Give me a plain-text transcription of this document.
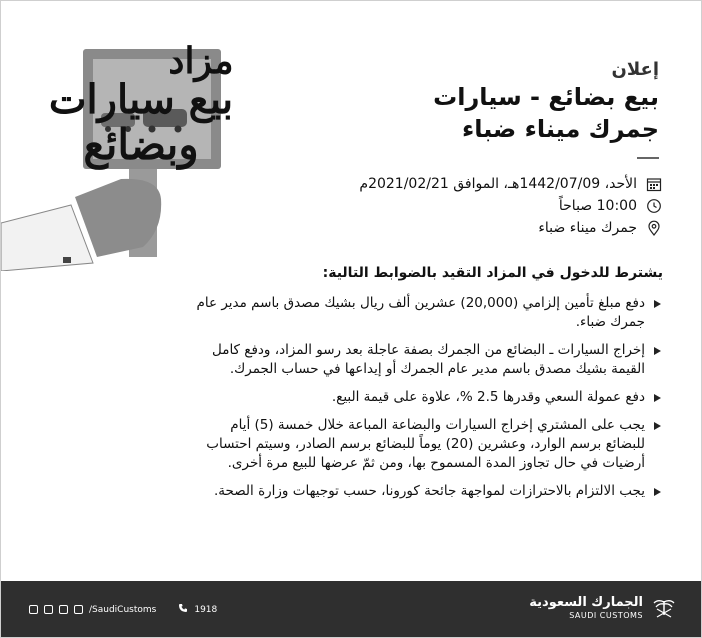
مزاد
بيع سيارات
وبضائع
إعلان
بيع بضائع - سيارات
جمرك ميناء ضباء
الأحد، 1442/07/09هـ، الموافق 2021/02/21م
10:00 صباحاً
جمرك ميناء ضباء
يشترط للدخول في المزاد التقيد بالضوابط التالية:
دفع مبلغ تأمين إلزامي (20,000) عشرين ألف ريال بشيك مصدق باسم مدير عام جمرك ضباء.
إخراج السيارات ـ البضائع من الجمرك بصفة عاجلة بعد رسو المزاد، ودفع كامل القيمة بشيك مصدق باسم مدير عام الجمرك أو إيداعها في حساب الجمرك.
دفع عمولة السعي وقدرها 2.5 %، علاوة على قيمة البيع.
يجب على المشتري إخراج السيارات والبضاعة المباعة خلال خمسة (5) أيام للبضائع برسم الوارد، وعشرين (20) يوماً للبضائع برسم الصادر، وسيتم احتساب أرضيات في حال تجاوز المدة المسموح بها، ومن ثمّ عرضها للبيع مرة أخرى.
يجب الالتزام بالاحترازات لمواجهة جائحة كورونا، حسب توجيهات وزارة الصحة.
الجمارك السعودية
SAUDI CUSTOMS
/SaudiCustoms	1918
